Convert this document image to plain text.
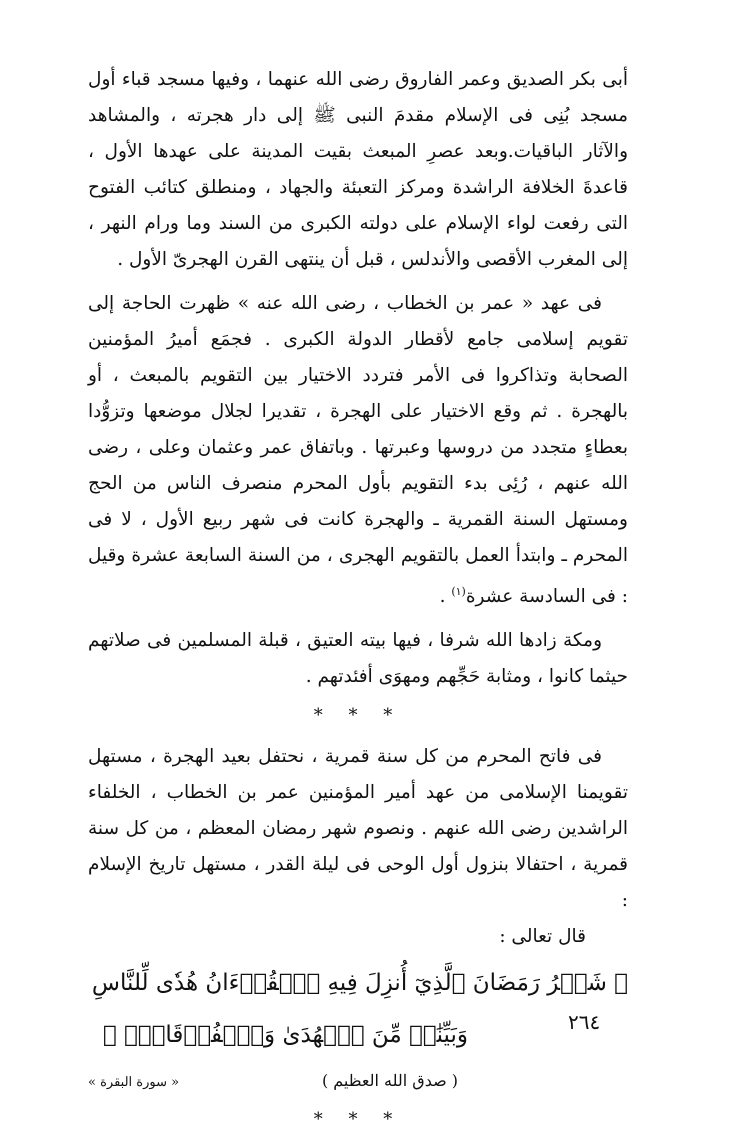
أبى بكر الصديق وعمر الفاروق رضى الله عنهما ، وفيها مسجد قباء أول مسجد بُنِى فى الإسلام مقدمَ النبى ﷺ إلى دار هجرته ، والمشاهد والآثار الباقيات.وبعد عصرِ المبعث بقيت المدينة على عهدها الأول ، قاعدةَ الخلافة الراشدة ومركز التعبئة والجهاد ، ومنطلق كتائب الفتوح التى رفعت لواء الإسلام على دولته الكبرى من السند وما ورام النهر ، إلى المغرب الأقصى والأندلس ، قبل أن ينتهى القرن الهجرىّ الأول .

فى عهد « عمر بن الخطاب ، رضى الله عنه » ظهرت الحاجة إلى تقويم إسلامى جامع لأقطار الدولة الكبرى . فجمَع أميرُ المؤمنين الصحابة وتذاكروا فى الأمر فتردد الاختيار بين التقويم بالمبعث ، أو بالهجرة . ثم وقع الاختيار على الهجرة ، تقديرا لجلال موضعها وتزوُّدا بعطاءٍ متجدد من دروسها وعبرتها . وباتفاق عمر وعثمان وعلى ، رضى الله عنهم ، رُئِى بدء التقويم بأول المحرم منصرف الناس من الحج ومستهل السنة القمرية ـ والهجرة كانت فى شهر ربيع الأول ، لا فى المحرم ـ وابتدأ العمل بالتقويم الهجرى ، من السنة السابعة عشرة وقيل : فى السادسة عشرة$^{(١)}$ .

ومكة زادها الله شرفا ، فيها بيته العتيق ، قبلة المسلمين فى صلاتهم حيثما كانوا ، ومثابة حَجِّهم ومهوَى أفئدتهم .

* * *

فى فاتح المحرم من كل سنة قمرية ، نحتفل بعيد الهجرة ، مستهل تقويمنا الإسلامى من عهد أمير المؤمنين عمر بن الخطاب ، الخلفاء الراشدين رضى الله عنهم . ونصوم شهر رمضان المعظم ، من كل سنة قمرية ، احتفالا بنزول أول الوحى فى ليلة القدر ، مستهل تاريخ الإسلام :

قال تعالى :

﴿ شَهۡرُ رَمَضَانَ ٱلَّذِيٓ أُنزِلَ فِيهِ ٱلۡقُرۡءَانُ هُدٗى لِّلنَّاسِ
وَبَيِّنَٰتٖ مِّنَ ٱلۡهُدَىٰ وَٱلۡفُرۡقَانِۚ ﴾
( صدق الله العظيم )
« سورة البقرة »
* * *
٢٦٤
